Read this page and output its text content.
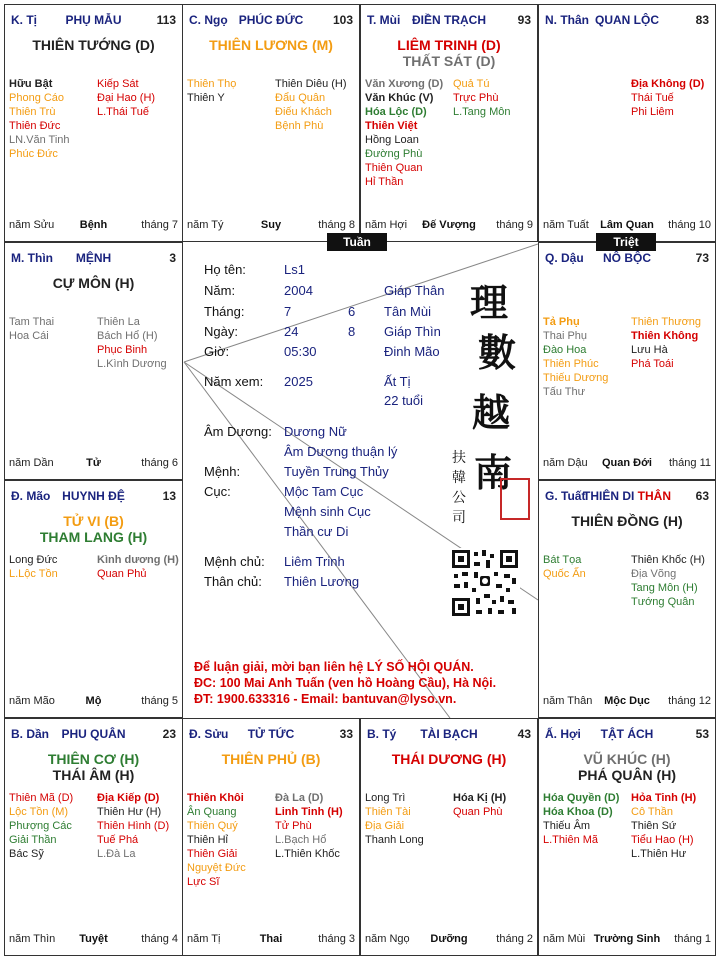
K. Tị	PHỤ MẪU	113
THIÊN TƯỚNG (D)
Hữu Bật
Phong Cáo
Thiên Trù
Thiên Đức
LN.Văn Tinh
Phúc Đức
Kiếp Sát
Đại Hao (H)
L.Thái Tuế
năm Sửu	Bệnh	tháng 7
C. Ngọ PHÚC ĐỨC	103
THIÊN LƯƠNG (M)
Thiên Thọ
Thiên Y
Thiên Diêu (H)
Đẩu Quân
Điếu Khách
Bệnh Phù
năm Tý	Suy	tháng 8
T. Mùi ĐIỀN TRẠCH	93
LIÊM TRINH (D)
THẤT SÁT (D)
Văn Xương (D)
Văn Khúc (V)
Hóa Lộc (D)
Thiên Việt
Hồng Loan
Đường Phù
Thiên Quan
Hỉ Thần
Quả Tú
Trực Phù
L.Tang Môn
năm Hợi	Đế Vượng	tháng 9
N. Thân QUAN LỘC	83
Địa Không (D)
Thái Tuế
Phi Liêm
năm Tuất	Lâm Quan	tháng 10
M. Thìn	MỆNH	3
CỰ MÔN (H)
Tam Thai
Hoa Cái
Thiên La
Bách Hổ (H)
Phục Binh
L.Kình Dương
năm Dần	Tử	tháng 6
Q. Dậu	NÔ BỘC	73
Tả Phụ
Thai Phụ
Đào Hoa
Thiên Phúc
Thiếu Dương
Tấu Thư
Thiên Thương
Thiên Không
Lưu Hà
Phá Toái
năm Dậu	Quan Đới	tháng 11
Đ. Mão HUYNH ĐỆ	13
TỬ VI (B)
THAM LANG (H)
Long Đức
L.Lộc Tồn
Kình dương (H)
Quan Phủ
năm Mão	Mộ	tháng 5
G. Tuất
THIÊN DI THÂN	63
THIÊN ĐỒNG (H)
Bát Tọa
Quốc Ấn
Thiên Khốc (H)
Địa Võng
Tang Môn (H)
Tướng Quân
năm Thân	Mộc Dục	tháng 12
B. Dần	PHU QUÂN	23
THIÊN CƠ (H)
THÁI ÂM (H)
Thiên Mã (D)
Lộc Tồn (M)
Phượng Các
Giải Thần
Bác Sỹ
Địa Kiếp (D)
Thiên Hư (H)
Thiên Hình (D)
Tuế Phá
L.Đà La
năm Thìn	Tuyệt	tháng 4
Đ. Sửu	TỬ TỨC	33
THIÊN PHỦ (B)
Thiên Khôi
Ân Quang
Thiên Quý
Thiên Hỉ
Thiên Giải
Nguyệt Đức
Lực Sĩ
Đà La (D)
Linh Tinh (H)
Tử Phù
L.Bạch Hổ
L.Thiên Khốc
năm Tị	Thai	tháng 3
B. Tý	TÀI BẠCH	43
THÁI DƯƠNG (H)
Long Trì
Thiên Tài
Địa Giải
Thanh Long
Hóa Kị (H)
Quan Phù
năm Ngọ	Dưỡng	tháng 2
Ấ. Hợi	TẬT ÁCH	53
VŨ KHÚC (H)
PHÁ QUÂN (H)
Hóa Quyền (D)
Hóa Khoa (D)
Thiếu Âm
L.Thiên Mã
Hỏa Tinh (H)
Cô Thần
Thiên Sứ
Tiểu Hao (H)
L.Thiên Hư
năm Mùi Trường Sinh	tháng 1
Tuần	Triệt
Họ tên:	Ls1
Năm:	2004	Giáp Thân
Tháng:	7	6 Tân Mùi
Ngày:	24	8 Giáp Thìn
Giờ:	05:30	Đinh Mão
Năm xem: 2025	Ất Tị
22 tuổi
Âm Dương: Dương Nữ
Âm Dương thuận lý
Mệnh:	Tuyền Trung Thủy
Cục:	Mộc Tam Cục
Mệnh sinh Cục
Thần cư Di
Mệnh chủ: Liêm Trinh
Thân chủ: Thiên Lương
理
數
越
南
扶
韓
公
司
Để luận giải, mời bạn liên hệ LÝ SỐ HỘI QUÁN.
ĐC: 100 Mai Anh Tuấn (ven hồ Hoàng Cầu), Hà Nội.
ĐT: 1900.633316 - Email: bantuvan@lyso.vn.
